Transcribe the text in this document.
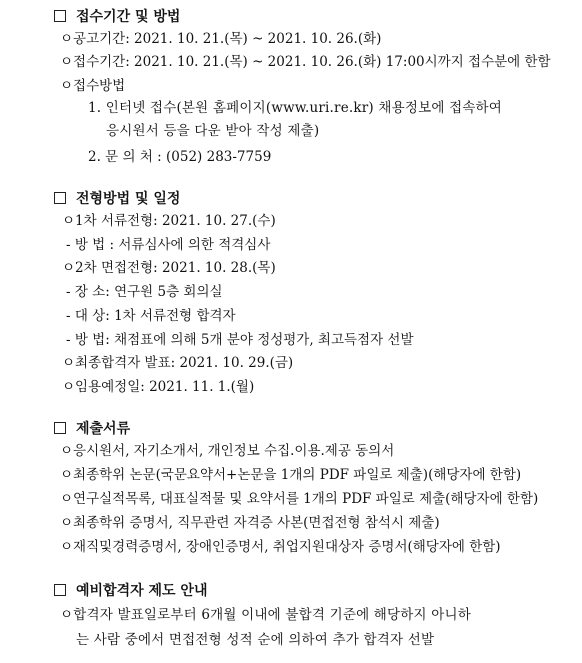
접수기간 및 방법
ㅇ공고기간: 2021. 10. 21.(목) ~ 2021. 10. 26.(화)
ㅇ접수기간: 2021. 10. 21.(목) ~ 2021. 10. 26.(화) 17:00시까지 접수분에 한함
ㅇ접수방법
1. 인터넷 접수(본원 홈페이지(www.uri.re.kr) 채용정보에 접속하여
응시원서 등을 다운 받아 작성 제출)
2. 문 의 처 : (052) 283-7759
전형방법 및 일정
ㅇ1차 서류전형: 2021. 10. 27.(수)
- 방 법 : 서류심사에 의한 적격심사
ㅇ2차 면접전형: 2021. 10. 28.(목)
- 장 소: 연구원 5층 회의실
- 대 상: 1차 서류전형 합격자
- 방 법: 채점표에 의해 5개 분야 정성평가, 최고득점자 선발
ㅇ최종합격자 발표: 2021. 10. 29.(금)
ㅇ임용예정일: 2021. 11. 1.(월)
제출서류
ㅇ응시원서, 자기소개서, 개인정보 수집.이용.제공 동의서
ㅇ최종학위 논문(국문요약서+논문을 1개의 PDF 파일로 제출)(해당자에 한함)
ㅇ연구실적목록, 대표실적물 및 요약서를 1개의 PDF 파일로 제출(해당자에 한함)
ㅇ최종학위 증명서, 직무관련 자격증 사본(면접전형 참석시 제출)
ㅇ재직및경력증명서, 장애인증명서, 취업지원대상자 증명서(해당자에 한함)
예비합격자 제도 안내
ㅇ합격자 발표일로부터 6개월 이내에 불합격 기준에 해당하지 아니하
는 사람 중에서 면접전형 성적 순에 의하여 추가 합격자 선발
